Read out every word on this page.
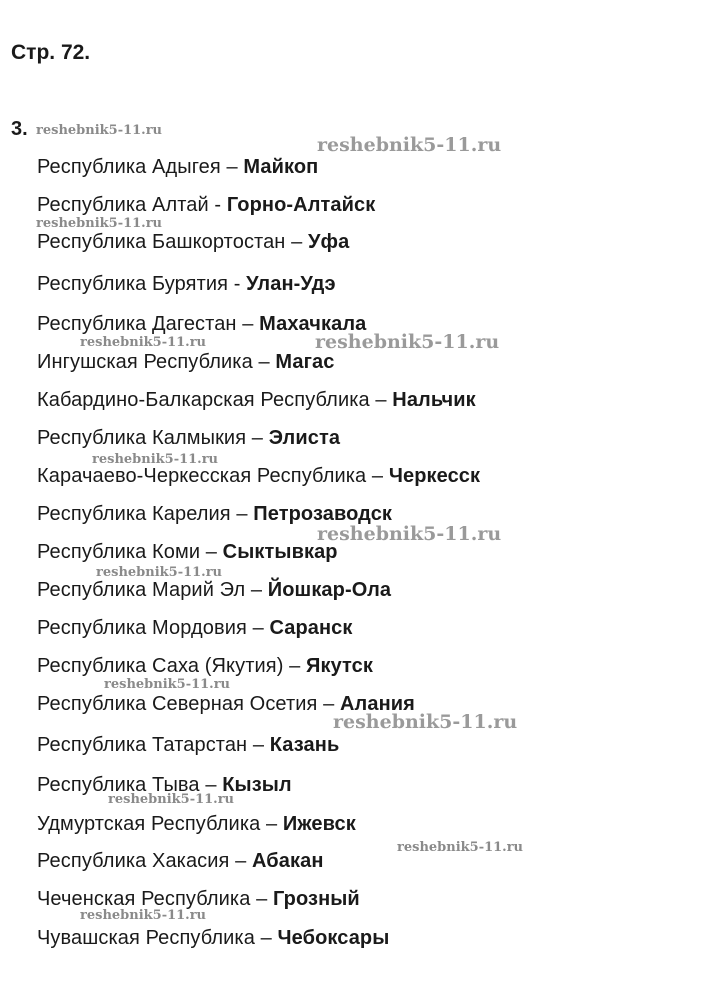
Стр. 72.
3.
Республика Адыгея – Майкоп
Республика Алтай - Горно-Алтайск
Республика Башкортостан – Уфа
Республика Бурятия - Улан-Удэ
Республика Дагестан – Махачкала
Ингушская Республика – Магас
Кабардино-Балкарская Республика – Нальчик
Республика Калмыкия – Элиста
Карачаево-Черкесская Республика – Черкесск
Республика Карелия – Петрозаводск
Республика Коми – Сыктывкар
Республика Марий Эл – Йошкар-Ола
Республика Мордовия – Саранск
Республика Саха (Якутия) – Якутск
Республика Северная Осетия – Алания
Республика Татарстан – Казань
Республика Тыва – Кызыл
Удмуртская Республика – Ижевск
Республика Хакасия – Абакан
Чеченская Республика – Грозный
Чувашская Республика – Чебоксары
reshebnik5-11.ru
reshebnik5-11.ru
reshebnik5-11.ru
reshebnik5-11.ru	reshebnik5-11.ru
reshebnik5-11.ru
reshebnik5-11.ru
reshebnik5-11.ru
reshebnik5-11.ru
reshebnik5-11.ru
reshebnik5-11.ru
reshebnik5-11.ru
reshebnik5-11.ru
